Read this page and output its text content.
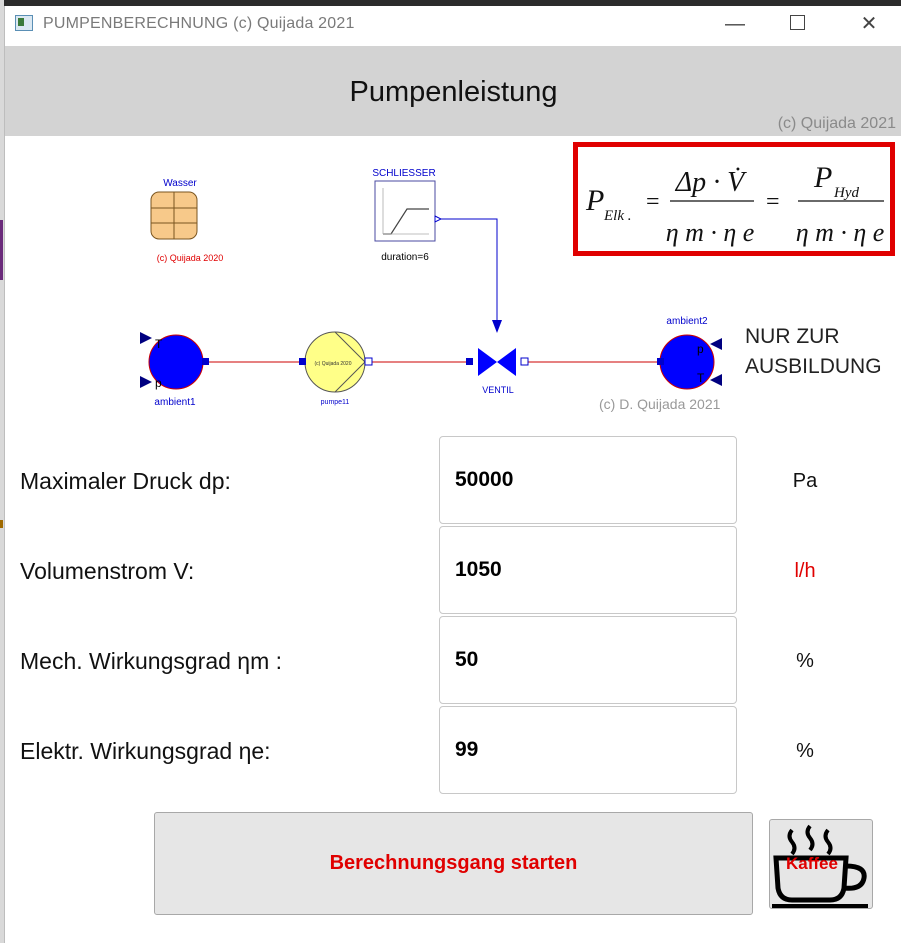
PUMPENBERECHNUNG (c) Quijada 2021	—	✕
Pumpenleistung
(c) Quijada 2021
Wasser
(c) Quijada 2020
SCHLIESSER
duration=6
T
p
ambient1
(c) Quijada 2020
pumpe11
VENTIL
ambient2
p
T
P Elk .
=
Δp · V̇
η m · η e
=
P Hyd
η m · η e
NUR ZUR
AUSBILDUNG
(c) D. Quijada 2021
Maximaler Druck dp:
50000	Pa
Volumenstrom V:
1050	l/h
Mech. Wirkungsgrad ηm :
50	%
Elektr. Wirkungsgrad ηe:
99	%
Berechnungsgang starten	Kaffee
